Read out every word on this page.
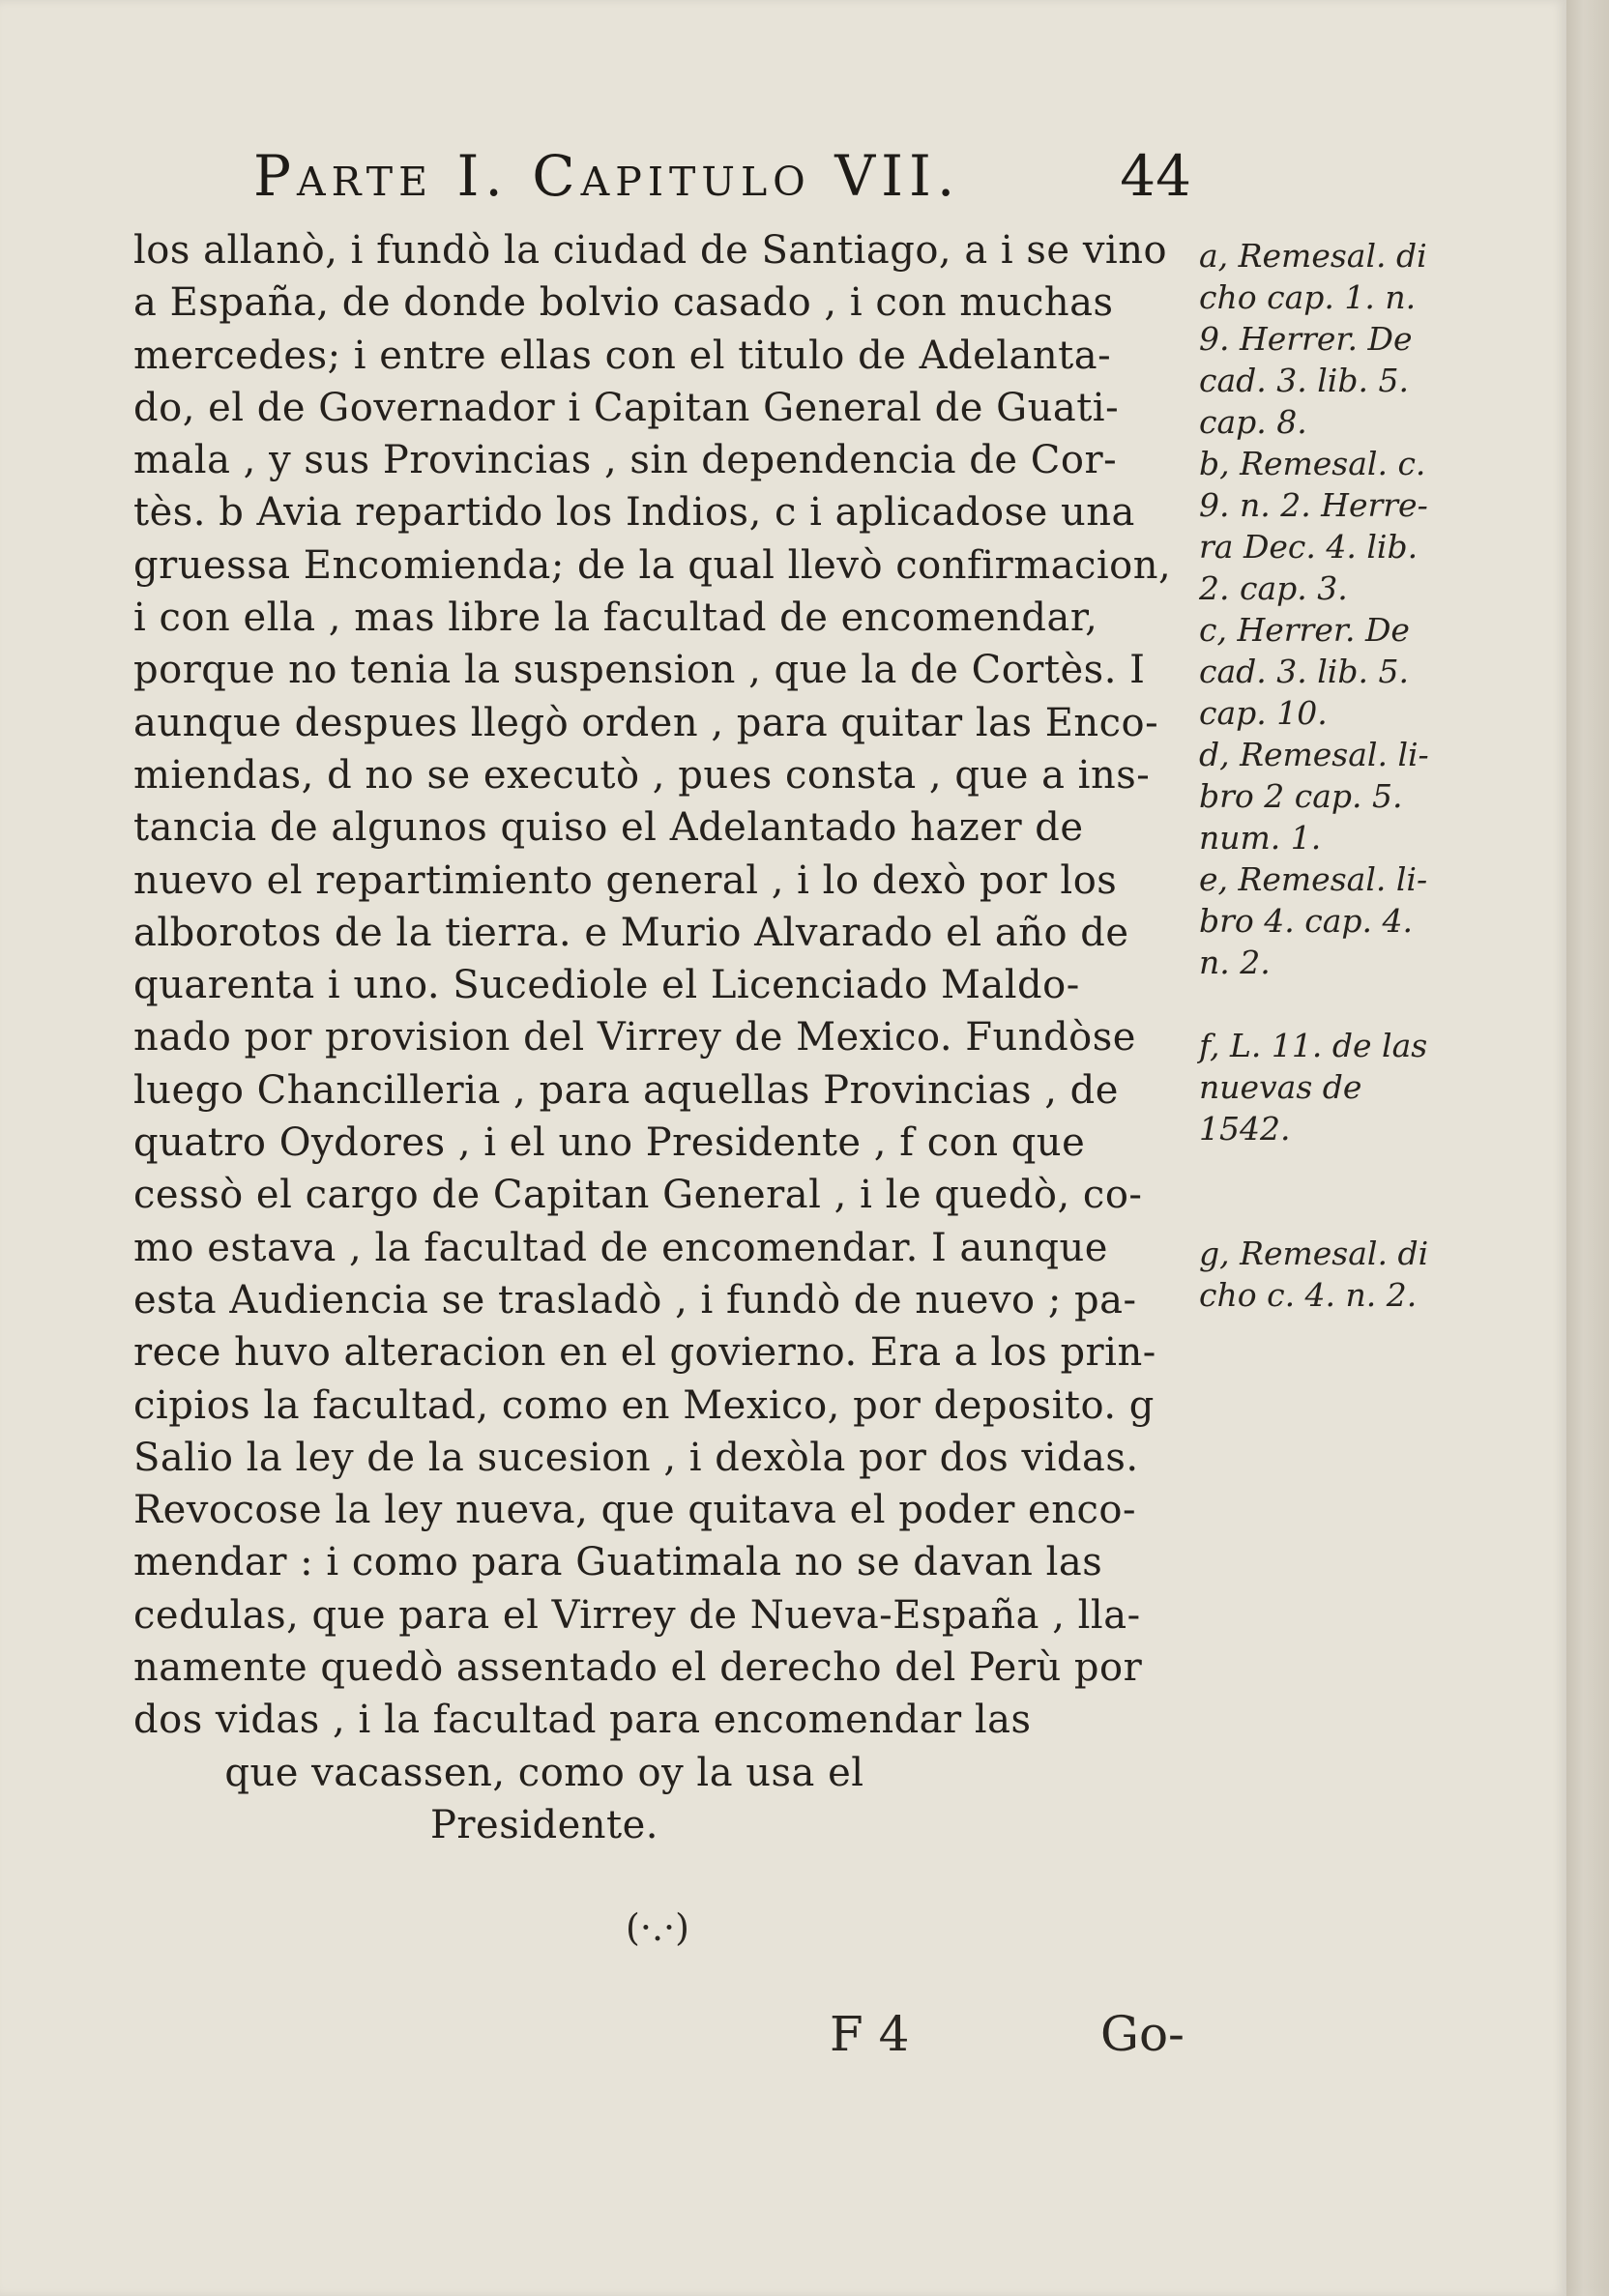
Parte I. Capitulo VII.	44
los allanò, i fundò la ciudad de Santiago, a i se vino
a España, de donde bolvio casado , i con muchas
mercedes; i entre ellas con el titulo de Adelanta-
do, el de Governador i Capitan General de Guati-
mala , y sus Provincias , sin dependencia de Cor-
tès. b Avia repartido los Indios, c i aplicadose una
gruessa Encomienda; de la qual llevò confirmacion,
i con ella , mas libre la facultad de encomendar,
porque no tenia la suspension , que la de Cortès. I
aunque despues llegò orden , para quitar las Enco-
miendas, d no se executò , pues consta , que a ins-
tancia de algunos quiso el Adelantado hazer de
nuevo el repartimiento general , i lo dexò por los
alborotos de la tierra. e Murio Alvarado el año de
quarenta i uno. Sucediole el Licenciado Maldo-
nado por provision del Virrey de Mexico. Fundòse
luego Chancilleria , para aquellas Provincias , de
quatro Oydores , i el uno Presidente , f con que
cessò el cargo de Capitan General , i le quedò, co-
mo estava , la facultad de encomendar. I aunque
esta Audiencia se trasladò , i fundò de nuevo ; pa-
rece huvo alteracion en el govierno. Era a los prin-
cipios la facultad, como en Mexico, por deposito. g
Salio la ley de la sucesion , i dexòla por dos vidas.
Revocose la ley nueva, que quitava el poder enco-
mendar : i como para Guatimala no se davan las
cedulas, que para el Virrey de Nueva-España , lla-
namente quedò assentado el derecho del Perù por
dos vidas , i la facultad para encomendar las
que vacassen, como oy la usa el
Presidente.
a, Remesal. di
cho cap. 1. n.
9. Herrer. De
cad. 3. lib. 5.
cap. 8.
b, Remesal. c.
9. n. 2. Herre-
ra Dec. 4. lib.
2. cap. 3.
c, Herrer. De
cad. 3. lib. 5.
cap. 10.
d, Remesal. li-
bro 2 cap. 5.
num. 1.
e, Remesal. li-
bro 4. cap. 4.
n. 2.
f, L. 11. de las
nuevas de
1542.
g, Remesal. di
cho c. 4. n. 2.
(·.·)
F 4	Go-
